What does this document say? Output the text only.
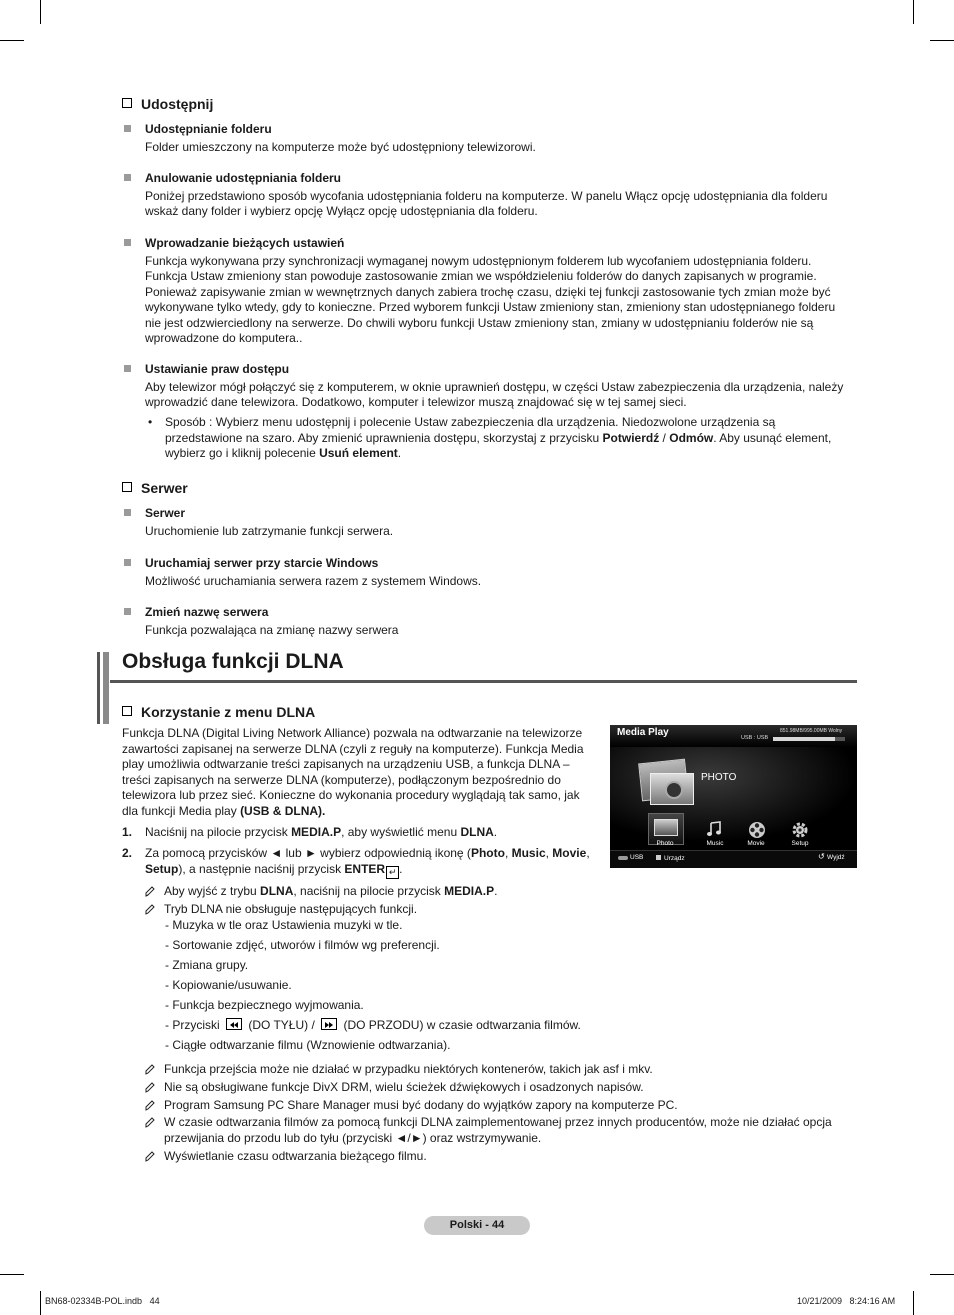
Udostępnij
Udostępnianie folderu
Folder umieszczony na komputerze może być udostępniony telewizorowi.
Anulowanie udostępniania folderu
Poniżej przedstawiono sposób wycofania udostępniania folderu na komputerze. W panelu Włącz opcję udostępniania dla folderu wskaż dany folder i wybierz opcję Wyłącz opcję udostępniania dla folderu.
Wprowadzanie bieżących ustawień
Funkcja wykonywana przy synchronizacji wymaganej nowym udostępnionym folderem lub wycofaniem udostępniania folderu. Funkcja Ustaw zmieniony stan powoduje zastosowanie zmian we współdzieleniu folderów do danych zapisanych w programie. Ponieważ zapisywanie zmian w wewnętrznych danych zabiera trochę czasu, dzięki tej funkcji zastosowanie tych zmian może być wykonywane tylko wtedy, gdy to konieczne. Przed wyborem funkcji Ustaw zmieniony stan, zmieniony stan udostępnianego folderu nie jest odzwierciedlony na serwerze. Do chwili wyboru funkcji Ustaw zmieniony stan, zmiany w udostępnianiu folderów nie są wprowadzone do komputera..
Ustawianie praw dostępu
Aby telewizor mógł połączyć się z komputerem, w oknie uprawnień dostępu, w części Ustaw zabezpieczenia dla urządzenia, należy wprowadzić dane telewizora. Dodatkowo, komputer i telewizor muszą znajdować się w tej samej sieci.
• Sposób : Wybierz menu udostępnij i polecenie Ustaw zabezpieczenia dla urządzenia. Niedozwolone urządzenia są przedstawione na szaro. Aby zmienić uprawnienia dostępu, skorzystaj z przycisku Potwierdź / Odmów. Aby usunąć element, wybierz go i kliknij polecenie Usuń element.
Serwer
Serwer
Uruchomienie lub zatrzymanie funkcji serwera.
Uruchamiaj serwer przy starcie Windows
Możliwość uruchamiania serwera razem z systemem Windows.
Zmień nazwę serwera
Funkcja pozwalająca na zmianę nazwy serwera
Obsługa funkcji DLNA
Korzystanie z menu DLNA
Funkcja DLNA (Digital Living Network Alliance) pozwala na odtwarzanie na telewizorze zawartości zapisanej na serwerze DLNA (czyli z reguły na komputerze). Funkcja Media play umożliwia odtwarzanie treści zapisanych na urządzeniu USB, a funkcja DLNA – treści zapisanych na serwerze DLNA (komputerze), podłączonym bezpośrednio do telewizora lub przez sieć. Konieczne do wykonania procedury wyglądają tak samo, jak dla funkcji Media play (USB & DLNA).
1. Naciśnij na pilocie przycisk MEDIA.P, aby wyświetlić menu DLNA.
2. Za pomocą przycisków ◄ lub ► wybierz odpowiednią ikonę (Photo, Music, Movie, Setup), a następnie naciśnij przycisk ENTER ↵ .
Aby wyjść z trybu DLNA, naciśnij na pilocie przycisk MEDIA.P.
Tryb DLNA nie obsługuje następujących funkcji.
- Muzyka w tle oraz Ustawienia muzyki w tle.
- Sortowanie zdjęć, utworów i filmów wg preferencji.
- Zmiana grupy.
- Kopiowanie/usuwanie.
- Funkcja bezpiecznego wyjmowania.
- Przyciski  (DO TYŁU) /  (DO PRZODU) w czasie odtwarzania filmów.
- Ciągłe odtwarzanie filmu (Wznowienie odtwarzania).
Funkcja przejścia może nie działać w przypadku niektórych kontenerów, takich jak asf i mkv.
Nie są obsługiwane funkcje DivX DRM, wielu ścieżek dźwiękowych i osadzonych napisów.
Program Samsung PC Share Manager musi być dodany do wyjątków zapory na komputerze PC.
W czasie odtwarzania filmów za pomocą funkcji DLNA zaimplementowanej przez innych producentów, może nie działać opcja przewijania do przodu lub do tyłu (przyciski ◄/►) oraz wstrzymywanie.
Wyświetlanie czasu odtwarzania bieżącego filmu.
Media Play	851.98MB/995.00MB Wolny
USB : USB
PHOTO
Photo	Music	Movie	Setup
USB	Urządz	↺ Wyjdź
Polski - 44
BN68-02334B-POL.indb   44	10/21/2009   8:24:16 AM
